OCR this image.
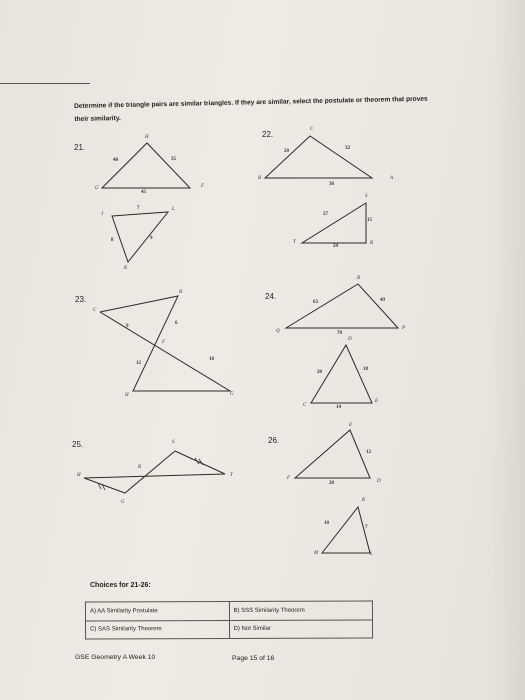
Determine if the triangle pairs are similar triangles. If they are similar, select the postulate or theorem that proves their similarity.
21.
22.
23.	24.
25.	26.
H
G	F
40	35
45
J
L
K
7
8	9
C
B	A
20
32
36
S
T	R
27
15
24
C
B
F
H	G
9
6
12
18
R
Q
P
63	49
70
D
C
E
20
18
14
S
R
H	T
G
E
F
D
12
20
K
M	L
10
7
Choices for 21-26:
A) AA Similarity Postulate	B) SSS Similarity Theorem
C) SAS Similarity Theorem	D) Not Similar
GSE Geometry A Week 10	Page 15 of 16
